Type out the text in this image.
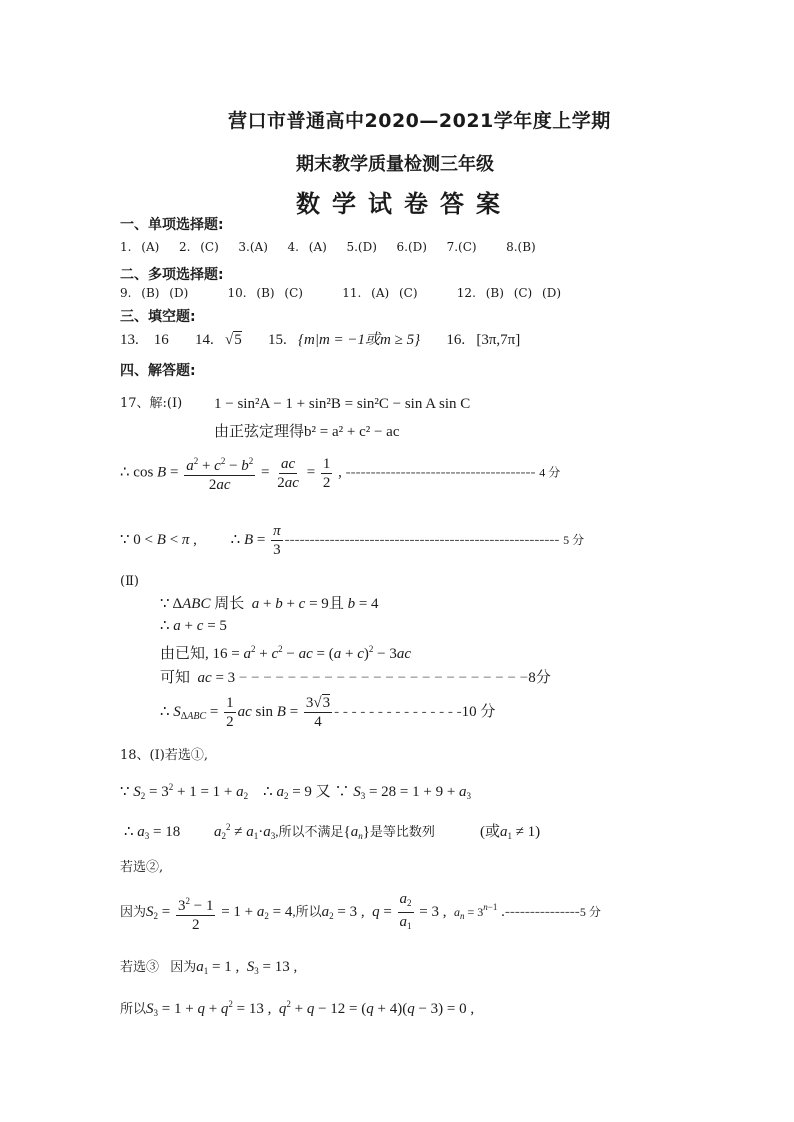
营口市普通高中2020—2021学年度上学期
期末教学质量检测三年级
数学试卷答案
一、单项选择题:
1. (A) 2. (C) 3.(A) 4. (A) 5.(D) 6.(D) 7.(C) 8.(B)
二、多项选择题:
9. (B) (D)	10. (B) (C)	11. (A) (C)	12. (B) (C) (D)
三、填空题:
13. 16 14. √5 15. {m|m = −1或m ≥ 5} 16. [3π,7π]
四、解答题:
17、解:(Ⅰ) 1 − sin²A − 1 + sin²B = sin²C − sin A sin C
由正弦定理得b² = a² + c² − ac
∴ $\cos B = \frac{a^2 + c^2 - b^2}{2ac} = \frac{ac}{2ac} = \frac{1}{2}$ , -------------------------------------- 4 分
∵ 0 < B < π ,         ∴ $B = \frac{\pi}{3}$ ------------------------------------------------------- 5 分
(Ⅱ)
∵ ΔABC 周长 a + b + c = 9且 b = 4
∴ a + c = 5
由已知, $16 = a^2 + c^2$ − ac = $(a + c)^2 - 3ac$
可知 ac = 3 − − − − − − − − − − − − − − − − − − − − − − − −8分
∴ $S_{\Delta ABC} = \frac{1}{2}$ ac $\sin B = \frac{3√3}{4}$ - - - - - - - - - - - - - - -10 分
18、(Ⅰ)若选①,
∵ $S_2 = 3^2 + 1 = 1 + a_2$    ∴ $a_2 = 9$ 又 ∵ $S_3 = 28 = 1 + 9 + a_3$
∴ $a_3 = 18$         $a_2^2 \ne a_1\cdot a_3$,所以不满足$\{a_n\}$是等比数列            (或$a_1 \ne 1$)
若选②,
因为$S_2 = \frac{3^2 - 1}{2} = 1 + a_2 = 4$,所以$a_2 = 3$ ,  $q = \frac{a_2}{a_1} = 3$ ,  $a_n = 3^{n-1}$ .---------------5 分
若选③ 因为$a_1 = 1$ ,  $S_3 = 13$ ,
所以$S_3 = 1 + q + q^2 = 13$ ,  $q^2 + q - 12 = (q + 4)(q - 3) = 0$ ,
